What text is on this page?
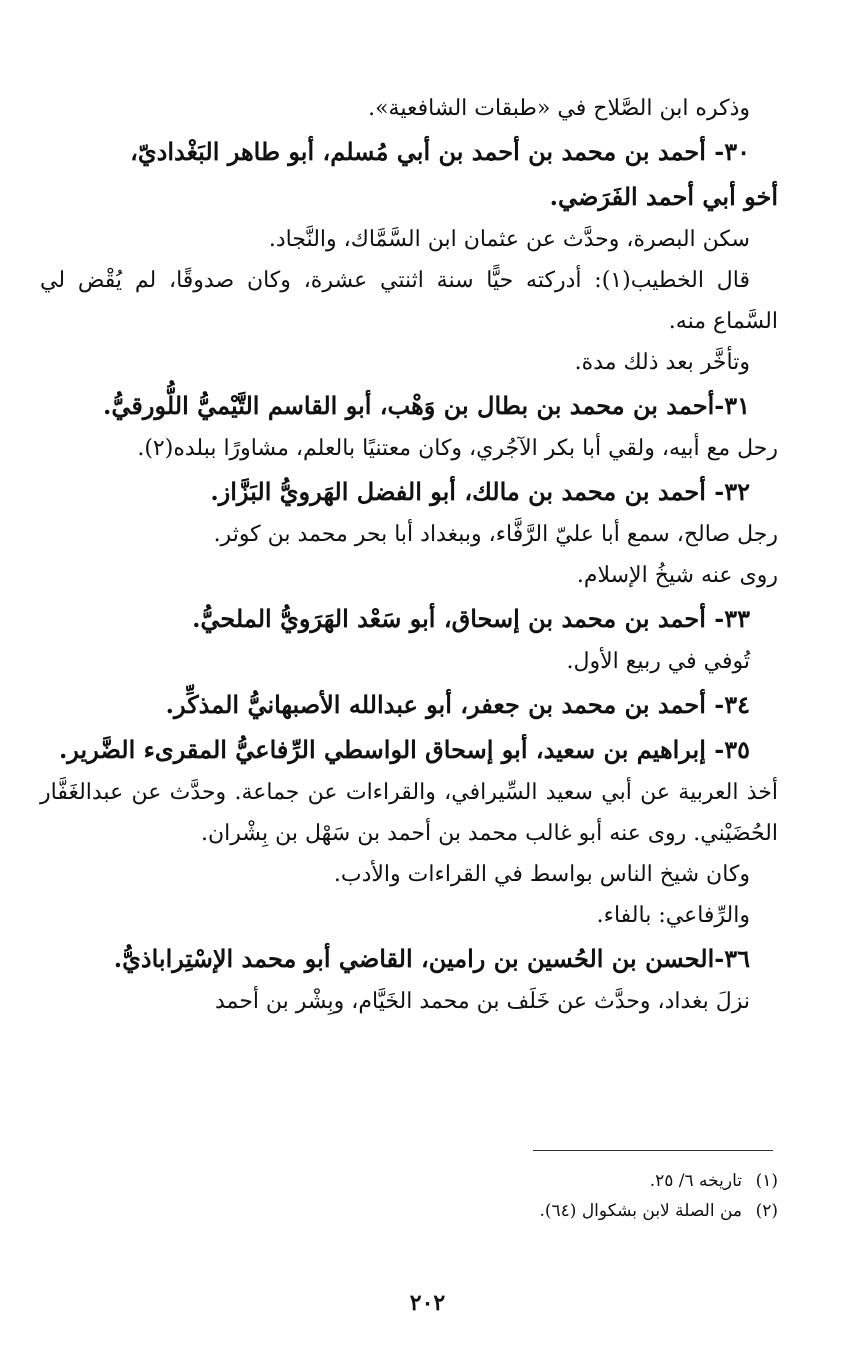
وذكره ابن الصَّلاح في «طبقات الشافعية».

٣٠- أحمد بن محمد بن أحمد بن أبي مُسلم، أبو طاهر البَغْداديّ،

أخو أبي أحمد الفَرَضي.

سكن البصرة، وحدَّث عن عثمان ابن السَّمَّاك، والنَّجاد.

قال الخطيب(١): أدركته حيًّا سنة اثنتي عشرة، وكان صدوقًا، لم يُقْض لي السَّماع منه.

وتأخَّر بعد ذلك مدة.

٣١-أحمد بن محمد بن بطال بن وَهْب، أبو القاسم التَّيْميُّ اللُّورقيُّ.

رحل مع أبيه، ولقي أبا بكر الآجُري، وكان معتنيًا بالعلم، مشاورًا ببلده(٢).

٣٢- أحمد بن محمد بن مالك، أبو الفضل الهَرويُّ البَزَّاز.

رجل صالح، سمع أبا عليّ الرَّفَّاء، وببغداد أبا بحر محمد بن كوثر.

روى عنه شيخُ الإسلام.

٣٣- أحمد بن محمد بن إسحاق، أبو سَعْد الهَرَويُّ الملحيُّ.

تُوفي في ربيع الأول.

٣٤- أحمد بن محمد بن جعفر، أبو عبدالله الأصبهانيُّ المذكِّر.

٣٥- إبراهيم بن سعيد، أبو إسحاق الواسطي الرِّفاعيُّ المقرىء الضَّرير.

أخذ العربية عن أبي سعيد السِّيرافي، والقراءات عن جماعة. وحدَّث عن عبدالغَفَّار الحُضَيْني. روى عنه أبو غالب محمد بن أحمد بن سَهْل بن بِشْران.

وكان شيخ الناس بواسط في القراءات والأدب.

والرِّفاعي: بالفاء.

٣٦-الحسن بن الحُسين بن رامين، القاضي أبو محمد الإسْتِراباذيُّ.

نزلَ بغداد، وحدَّث عن خَلَف بن محمد الخَيَّام، وبِشْر بن أحمد

(١)
تاريخه ٦/ ٢٥.

(٢)
من الصلة لابن بشكوال (٦٤).

٢٠٢
